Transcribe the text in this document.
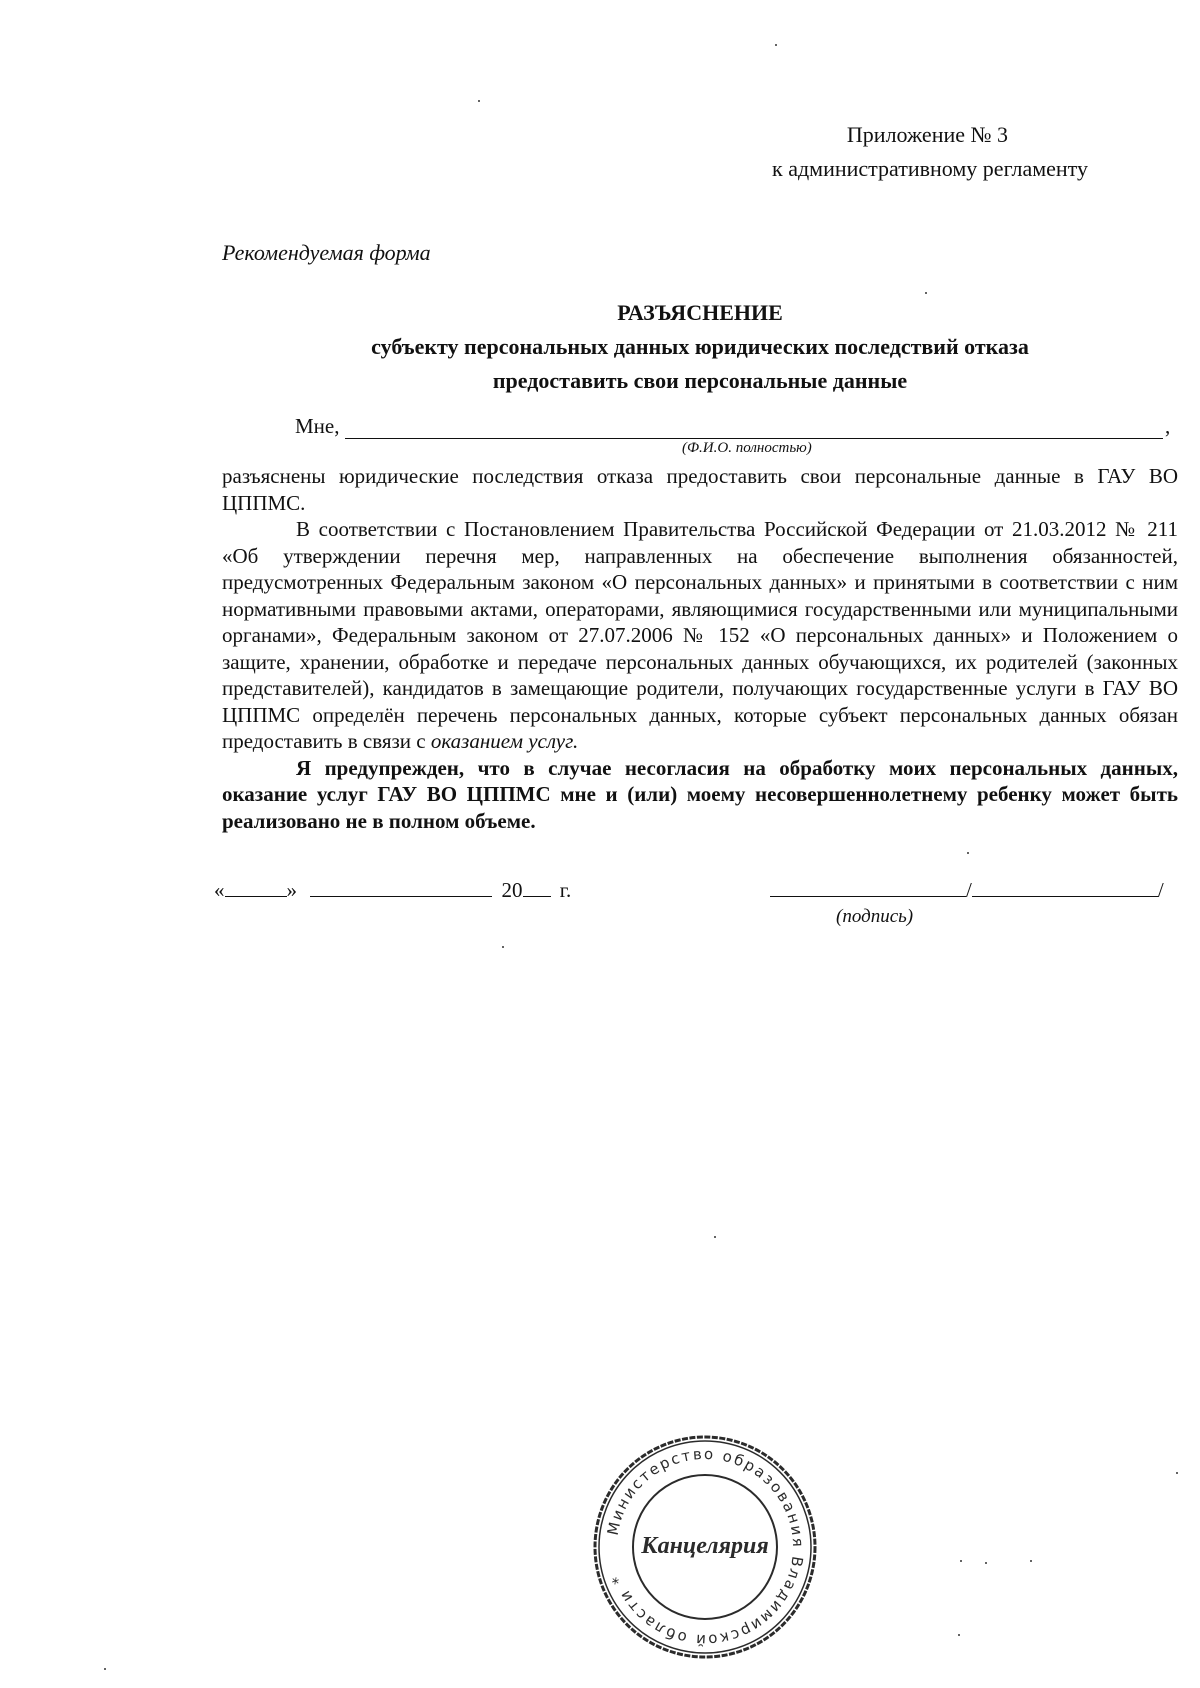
Приложение № 3
к административному регламенту
Рекомендуемая форма
РАЗЪЯСНЕНИЕ
субъекту персональных данных юридических последствий отказа предоставить свои персональные данные
Мне,	,
(Ф.И.О. полностью)

разъяснены юридические последствия отказа предоставить свои персональные данные в ГАУ ВО ЦППМС.

В соответствии с Постановлением Правительства Российской Федерации от 21.03.2012 № 211 «Об утверждении перечня мер, направленных на обеспечение выполнения обязанностей, предусмотренных Федеральным законом «О персональных данных» и принятыми в соответствии с ним нормативными правовыми актами, операторами, являющимися государственными или муниципальными органами», Федеральным законом от 27.07.2006 № 152 «О персональных данных» и Положением о защите, хранении, обработке и передаче персональных данных обучающихся, их родителей (законных представителей), кандидатов в замещающие родители, получающих государственные услуги в ГАУ ВО ЦППМС определён перечень персональных данных, которые субъект персональных данных обязан предоставить в связи с оказанием услуг.

Я предупрежден, что в случае несогласия на обработку моих персональных данных, оказание услуг ГАУ ВО ЦППМС мне и (или) моему несовершеннолетнему ребенку может быть реализовано не в полном объеме.

«	»	20 г.	/	/
(подпись)
Министерство образования Владимирской области *
Канцелярия
